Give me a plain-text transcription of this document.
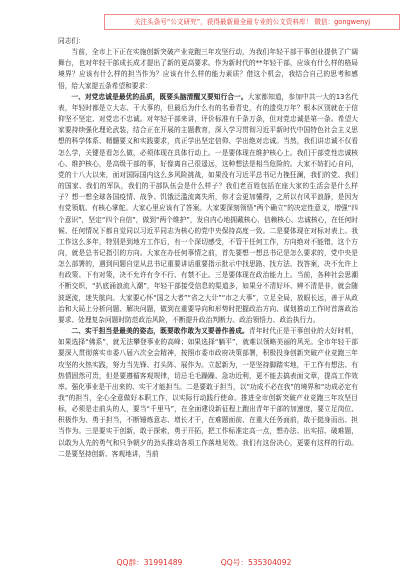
关注头条号“公文研究”，获得最新最全最专业的公文资料库！ 微信：gongwenyj

同志们：

当前，全市上下正在实施创新突破产业竞跑三年攻坚行动，为我们年轻干部干事创业提供了广阔舞台，也对年轻干部成长成才提出了新的更高要求。作为新时代的**年轻干部，应该有什么样的格局境界？应该有什么样的担当作为？应该有什么样的能力素质？借这个机会，我结合自己的思考和感悟，给大家提五条希望和要求：

一、对党忠诚是最优的品质，既要头脑清醒又要知行合一。大家都知道，参加中共一大的13名代表，年轻时都是立大志、干大事的，但最后为什么有的名垂青史，有的遗臭万年？根本区别就在于信仰坚不坚定、对党忠不忠诚。对年轻干部来讲，评价标准有千条万条，但对党忠诚是第一条。希望大家要持续强化理论武装，结合正在开展的主题教育，深入学习贯彻习近平新时代中国特色社会主义思想的科学体系、精髓要义和实践要求，真正学出坚定信仰、学出绝对忠诚。当然，我们讲忠诚不仅看怎么学，关键是看怎么做，必须体现在具体行动上。一是要体现在维护核心上。我们干部党性忠诚核心、维护核心，是高级干部的事，好像离自己很遥远，这种想法是相当危险的。大家不妨扪心自问，党的十八大以来，面对国际国内这么多风险挑战，如果没有习近平总书记力挽狂澜，我们的党、我们的国家、我们的军队，我们的干部队伍会是什么样子？我们老百姓包括在座大家的生活会是什么样子？想一想全球各国疫情、战争、饥饿泛滥流离失所，你才会更加懂得，之所以有风平浪静，是因为有党领航、有核心掌舵。大家心里应该有了答案。大家要深刻领悟“两个确立”的决定性意义，增强“四个意识”，坚定“四个自信”，做到“两个维护”，发自内心地拥戴核心、信赖核心、忠诚核心，在任何时候、任何情况下都自觉同以习近平同志为核心的党中央保持高度一致。二是要体现在对标对表上。我工作这么多年，特别是到地方工作后，有一个深切感受，不管干任何工作，方向绝对不能错，这个方向，就是总书记指引的方向。大家在办任何事情之前，首先要想一想总书记是怎么要求的，党中央是怎么部署的，遇到问题自觉从总书记重要讲话重要指示批示中找思路、找方法、找答案，决不允许上有政策、下有对策，决不允许有令不行、有禁不止。三是要体现在政治能力上。当前，各种社会思潮不断交织，“扒底涌浪流入潮”，年轻干部接受信息的渠道多，如果分不清好坏、辨不清是非，就会随波逐流，迷失航向。大家要心怀“国之大者”“省之大计”“市之大事”，立足全局，放眼长远，善于从政治和大局上分析问题、解决问题，做到在重要导向和形势时把握政治方向、谋划推动工作时首落政治要求、处理复杂问题时防范政治风险，不断提升政治判断力、政治领悟力、政治执行力。

二、实干担当是最美的姿态，既要敢作敢为又要善作善成。青年时代正是干事创业的大好时机，如果选择“佛系”，就无法攀登事业的高峰；如果选择“躺平”，就难以领略美丽的风光。全市年轻干部要深入贯彻落实市委八届六次全会精神，按照市委市政府决策部署，积极投身创新突破产业竞跑三年攻坚的火热实践，努力当先锋、打头阵、展作为。立起新为，一是坚持脚踏实地，干工作有想法、有热情固然可贵，但是要遵循客观规律，切忌毛毛躁躁、急功近利，更不能去搞表面文章，提高工作效率。强化事业是干出来的、实干才能担当。二是要敢于担当，以“功成不必在我”的境界和“功成必定有我”的担当，全心全意做好本职工作，以实际行动践行使命。推进全市创新突破产业竞跑三年攻坚目标，必须是走前头的人，要当“千里马”，在全面建设新征程上跑出青年干部的加速度，要立足岗位、积极作为、勇于担当，不断锤炼意志、增长才干，在难题面前、在重大任务面前，敢于挺身而出、担当作为。三是要实干创新，敢于探索，勇于开拓，把工作标准定高一点，想办法、出实招、破难题，以敢为人先的勇气和只争朝夕的劲头推动各项工作落地见效。我们有这份决心，更要有这样的行动。二是要坚持创新、客观地讲，当前

QQ群：31991489	QQ号：535304092
